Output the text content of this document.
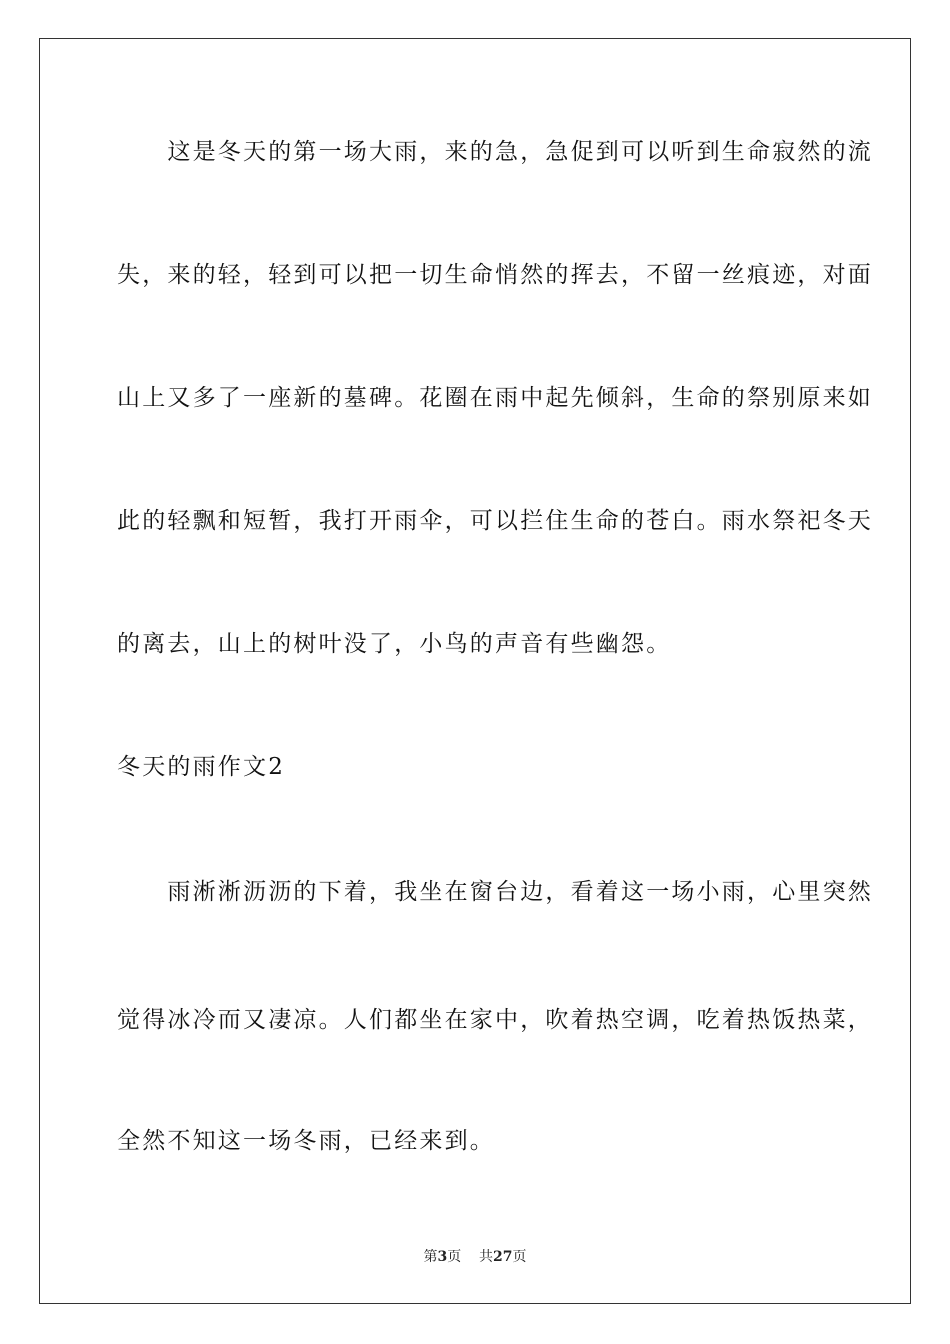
　　这是冬天的第一场大雨，来的急，急促到可以听到生命寂然的流
失，来的轻，轻到可以把一切生命悄然的挥去，不留一丝痕迹，对面
山上又多了一座新的墓碑。花圈在雨中起先倾斜，生命的祭别原来如
此的轻飘和短暂，我打开雨伞，可以拦住生命的苍白。雨水祭祀冬天
的离去，山上的树叶没了，小鸟的声音有些幽怨。
冬天的雨作文2
　　雨淅淅沥沥的下着，我坐在窗台边，看着这一场小雨，心里突然
觉得冰冷而又凄凉。人们都坐在家中，吹着热空调，吃着热饭热菜，
全然不知这一场冬雨，已经来到。
第3页 共27页
